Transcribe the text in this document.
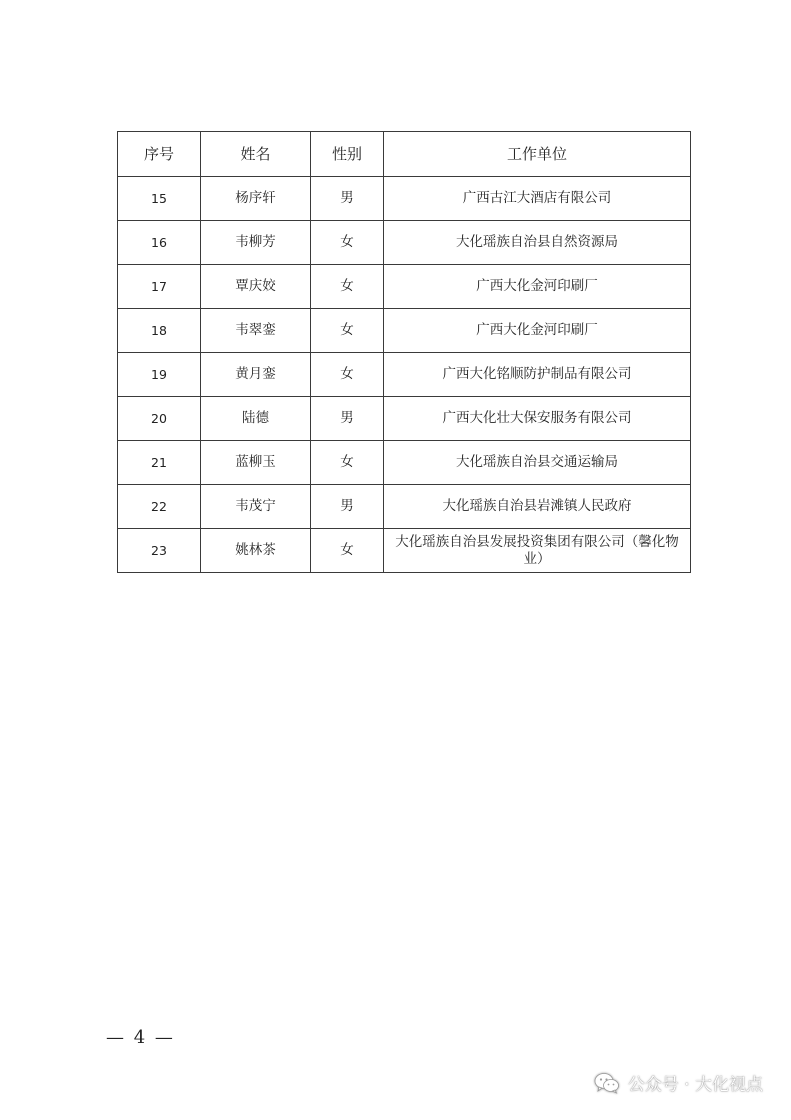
序号	姓名	性别	工作单位
15	杨序轩	男	广西古江大酒店有限公司
16	韦柳芳	女	大化瑶族自治县自然资源局
17	覃庆姣	女	广西大化金河印刷厂
18	韦翠銮	女	广西大化金河印刷厂
19	黄月銮	女	广西大化铭顺防护制品有限公司
20	陆德	男	广西大化壮大保安服务有限公司
21	蓝柳玉	女	大化瑶族自治县交通运输局
22	韦茂宁	男	大化瑶族自治县岩滩镇人民政府
23	姚林茶	女	大化瑶族自治县发展投资集团有限公司（馨化物业）
— 4 —
公众号 · 大化视点
